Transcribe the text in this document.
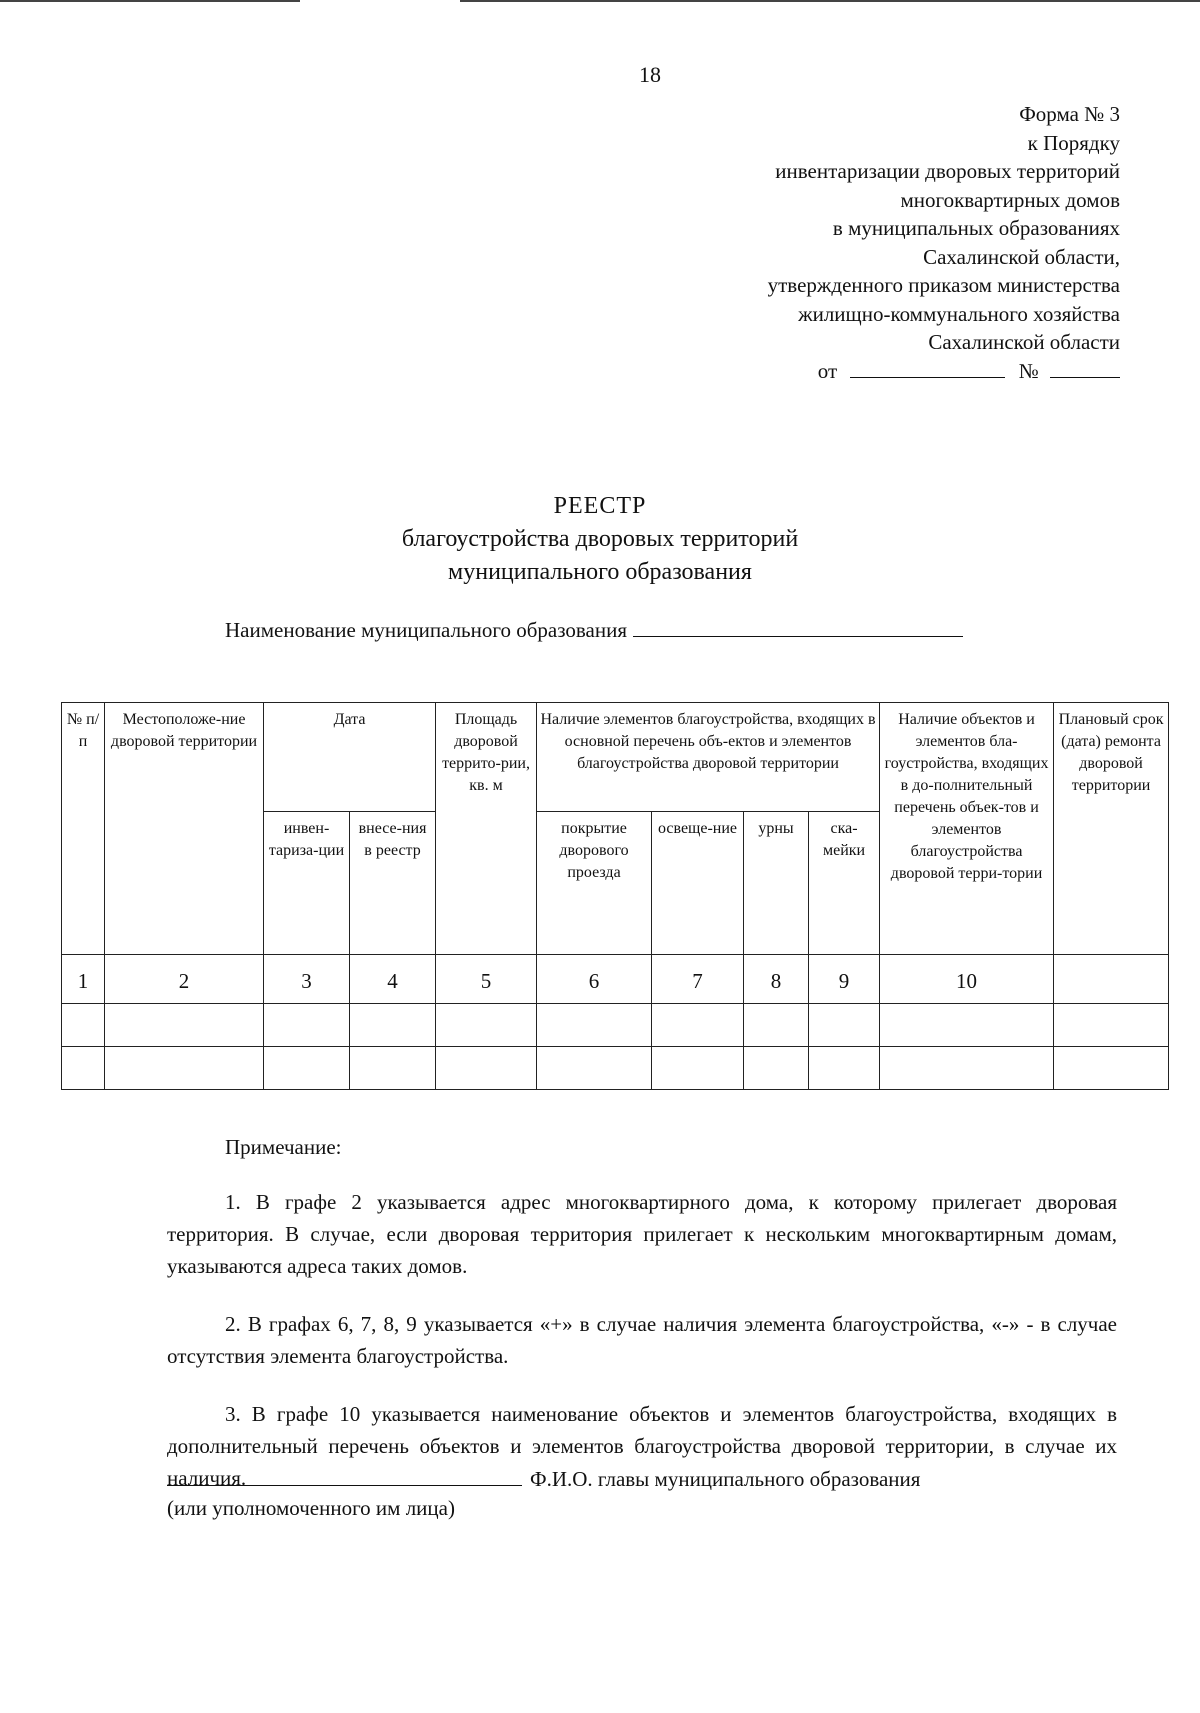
18
Форма № 3
к Порядку
инвентаризации дворовых территорий
многоквартирных домов
в муниципальных образованиях
Сахалинской области,
утвержденного приказом министерства
жилищно-коммунального хозяйства
Сахалинской области
от	№
РЕЕСТР
благоустройства дворовых территорий
муниципального образования
Наименование муниципального образования
№ п/п	Местоположе-ние дворовой территории	Дата		Площадь дворовой террито-рии, кв. м	Наличие элементов благоустройства, входящих в основной перечень объ-ектов и элементов благоустройства дворовой территории				Наличие объектов и элементов бла-гоустройства, входящих в до-полнительный перечень объек-тов и элементов благоустройства дворовой терри-тории	Плановый срок (дата) ремонта дворовой территории
		инвен-тариза-ции	внесе-ния в реестр		покрытие дворового проезда	освеще-ние	урны	ска-мейки		
1	2	3	4	5	6	7	8	9	10	

Примечание:

1. В графе 2 указывается адрес многоквартирного дома, к которому прилегает дворовая территория. В случае, если дворовая территория прилегает к нескольким многоквартирным домам, указываются адреса таких домов.

2. В графах 6, 7, 8, 9 указывается «+» в случае наличия элемента благоустройства, «-» - в случае отсутствия элемента благоустройства.

3. В графе 10 указывается наименование объектов и элементов благоустройства, входящих в дополнительный перечень объектов и элементов благоустройства дворовой территории, в случае их наличия.	Ф.И.О. главы муниципального образования
(или уполномоченного им лица)
